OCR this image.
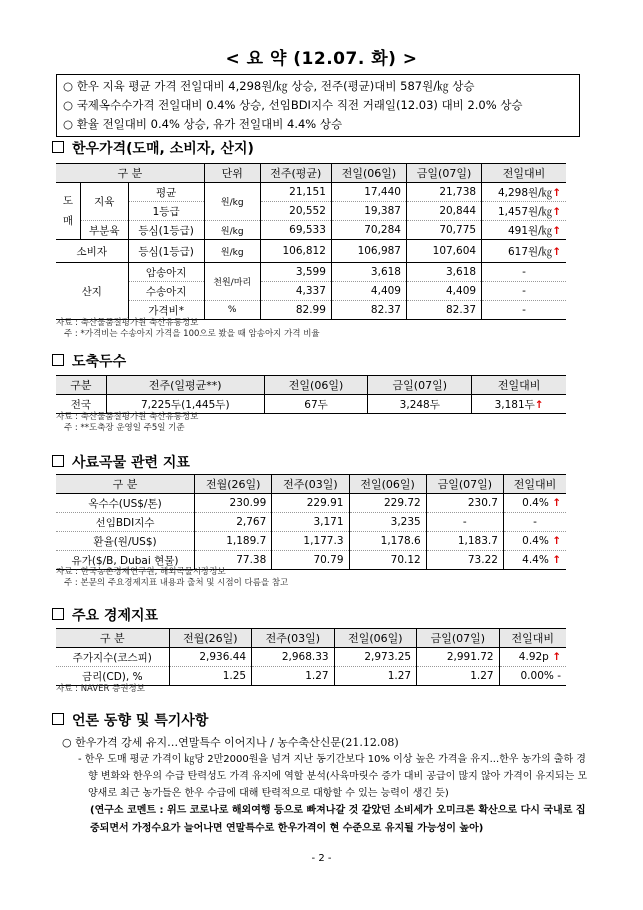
< 요 약 (12.07. 화) >
○ 한우 지육 평균 가격 전일대비 4,298원/㎏ 상승, 전주(평균)대비 587원/㎏ 상승
○ 국제옥수수가격 전일대비 0.4% 상승, 선임BDI지수 직전 거래일(12.03) 대비 2.0% 상승
○ 환율 전일대비 0.4% 상승, 유가 전일대비 4.4% 상승
한우가격(도매, 소비자, 산지)
구 분			단위	전주(평균)	전일(06일)	금일(07일)	전일대비
도
매	지육	평균	원/kg	21,151	17,440	21,738	4,298원/㎏↑
		1등급		20,552	19,387	20,844	1,457원/㎏↑
	부분육	등심(1등급)	원/kg	69,533	70,284	70,775	491원/㎏↑
소비자		등심(1등급)	원/kg	106,812	106,987	107,604	617원/㎏↑
산지		암송아지	천원/마리	3,599	3,618	3,618	-
		수송아지		4,337	4,409	4,409	-
		가격비*	%	82.99	82.37	82.37	-
자료 : 축산물품질평가원 축산유통정보
주 : *가격비는 수송아지 가격을 100으로 봤을 때 암송아지 가격 비율
도축두수
구분	전주(일평균**)	전일(06일)	금일(07일)	전일대비
전국	7,225두(1,445두)	67두	3,248두	3,181두↑
자료 : 축산물품질평가원 축산유통정보
주 : **도축장 운영일 주5일 기준
사료곡물 관련 지표
구 분	전월(26일)	전주(03일)	전일(06일)	금일(07일)	전일대비
옥수수(US$/톤)	230.99	229.91	229.72	230.7	0.4% ↑
선임BDI지수	2,767	3,171	3,235	-	-
환율(원/US$)	1,189.7	1,177.3	1,178.6	1,183.7	0.4% ↑
유가($/B, Dubai 현물)	77.38	70.79	70.12	73.22	4.4% ↑
자료 : 한국농촌경제연구원, 해외곡물시장정보
주 : 본문의 주요경제지표 내용과 출처 및 시점이 다름을 참고
주요 경제지표
구 분	전월(26일)	전주(03일)	전일(06일)	금일(07일)	전일대비
주가지수(코스피)	2,936.44	2,968.33	2,973.25	2,991.72	4.92p ↑
금리(CD), %	1.25	1.27	1.27	1.27	0.00% -
자료 : NAVER 증권정보
언론 동향 및 특기사항
○ 한우가격 강세 유지…연말특수 이어지나 / 농수축산신문(21.12.08)
- 한우 도매 평균 가격이 ㎏당 2만2000원을 넘겨 지난 동기간보다 10% 이상 높은 가격을 유지...한우 농가의 출하 경향 변화와 한우의 수급 탄력성도 가격 유지에 역할 분석(사육마릿수 증가 대비 공급이 많지 않아 가격이 유지되는 모양새로 최근 농가들은 한우 수급에 대해 탄력적으로 대항할 수 있는 능력이 생긴 듯)
(연구소 코멘트 : 위드 코로나로 해외여행 등으로 빠져나갈 것 같았던 소비세가 오미크론 확산으로 다시 국내로 집중되면서 가정수요가 늘어나면 연말특수로 한우가격이 현 수준으로 유지될 가능성이 높아)
- 2 -
